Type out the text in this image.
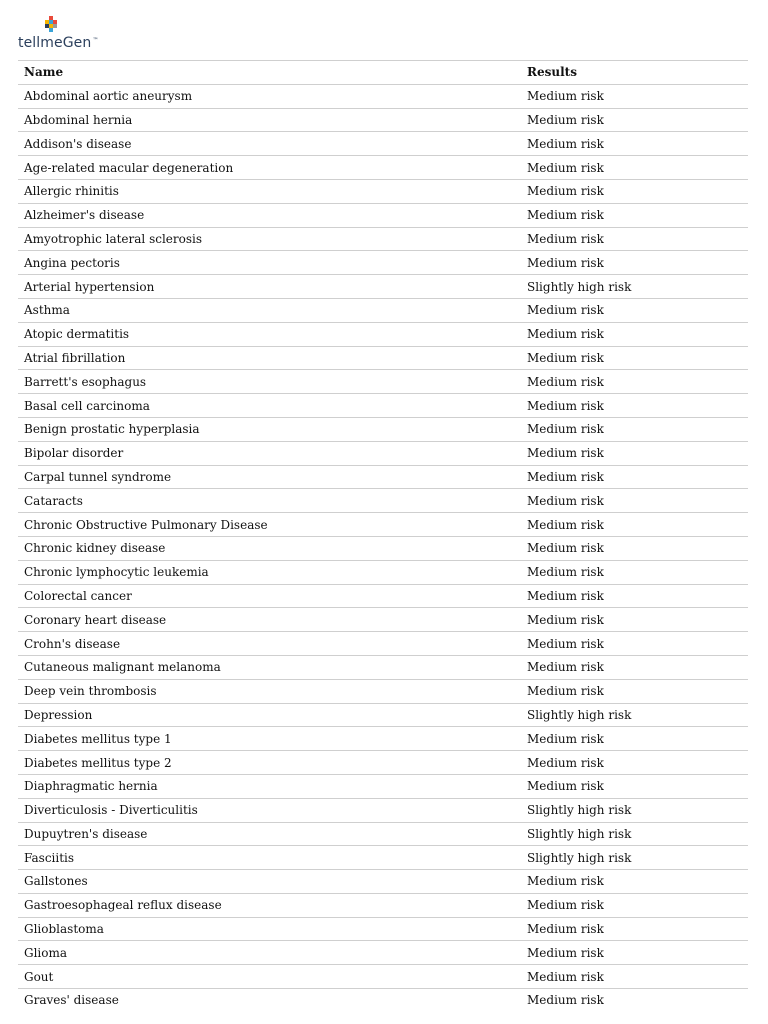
tellmeGen™
Name	Results
Abdominal aortic aneurysm	Medium risk
Abdominal hernia	Medium risk
Addison's disease	Medium risk
Age-related macular degeneration	Medium risk
Allergic rhinitis	Medium risk
Alzheimer's disease	Medium risk
Amyotrophic lateral sclerosis	Medium risk
Angina pectoris	Medium risk
Arterial hypertension	Slightly high risk
Asthma	Medium risk
Atopic dermatitis	Medium risk
Atrial fibrillation	Medium risk
Barrett's esophagus	Medium risk
Basal cell carcinoma	Medium risk
Benign prostatic hyperplasia	Medium risk
Bipolar disorder	Medium risk
Carpal tunnel syndrome	Medium risk
Cataracts	Medium risk
Chronic Obstructive Pulmonary Disease	Medium risk
Chronic kidney disease	Medium risk
Chronic lymphocytic leukemia	Medium risk
Colorectal cancer	Medium risk
Coronary heart disease	Medium risk
Crohn's disease	Medium risk
Cutaneous malignant melanoma	Medium risk
Deep vein thrombosis	Medium risk
Depression	Slightly high risk
Diabetes mellitus type 1	Medium risk
Diabetes mellitus type 2	Medium risk
Diaphragmatic hernia	Medium risk
Diverticulosis - Diverticulitis	Slightly high risk
Dupuytren's disease	Slightly high risk
Fasciitis	Slightly high risk
Gallstones	Medium risk
Gastroesophageal reflux disease	Medium risk
Glioblastoma	Medium risk
Glioma	Medium risk
Gout	Medium risk
Graves' disease	Medium risk
